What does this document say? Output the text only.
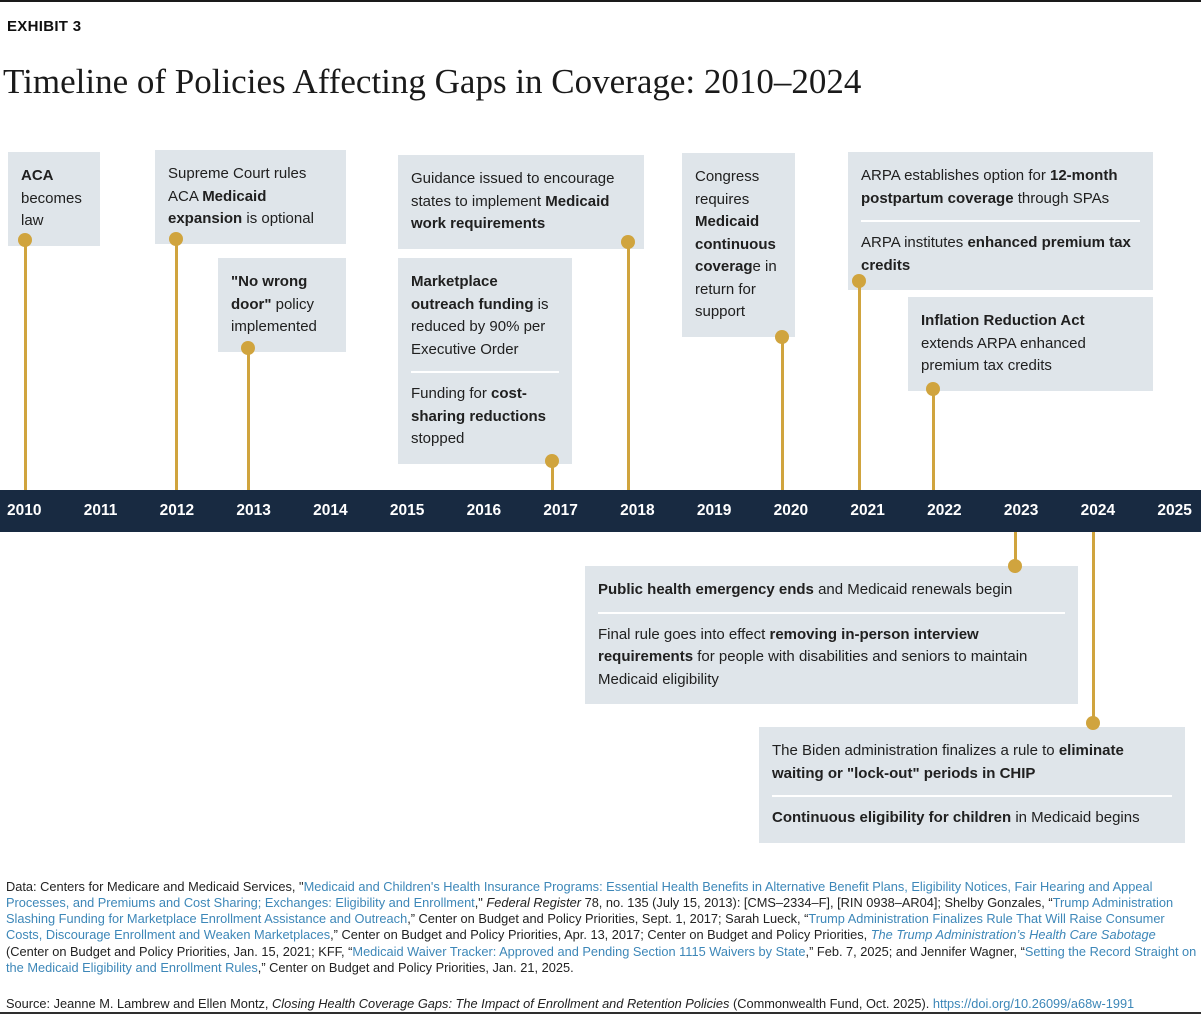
EXHIBIT 3
Timeline of Policies Affecting Gaps in Coverage: 2010–2024

ACA becomes law

Supreme Court rules ACA Medicaid expansion is optional

"No wrong door" policy implemented

Guidance issued to encourage states to implement Medicaid work requirements

Marketplace outreach funding is reduced by 90% per Executive Order

Funding for cost-sharing reductions stopped

Congress requires Medicaid continuous coverage in return for support

ARPA establishes option for 12-month postpartum coverage through SPAs

ARPA institutes enhanced premium tax credits

Inflation Reduction Act extends ARPA enhanced premium tax credits

2010	2011	2012	2013	2014	2015	2016	2017	2018	2019	2020	2021	2022	2023	2024	2025

Public health emergency ends and Medicaid renewals begin

Final rule goes into effect removing in-person interview requirements for people with disabilities and seniors to maintain Medicaid eligibility

The Biden administration finalizes a rule to eliminate waiting or "lock-out" periods in CHIP

Continuous eligibility for children in Medicaid begins

Data: Centers for Medicare and Medicaid Services, "Medicaid and Children's Health Insurance Programs: Essential Health Benefits in Alternative Benefit Plans, Eligibility Notices, Fair Hearing and Appeal Processes, and Premiums and Cost Sharing; Exchanges: Eligibility and Enrollment," Federal Register 78, no. 135 (July 15, 2013): [CMS–2334–F], [RIN 0938–AR04]; Shelby Gonzales, “Trump Administration Slashing Funding for Marketplace Enrollment Assistance and Outreach,” Center on Budget and Policy Priorities, Sept. 1, 2017; Sarah Lueck, “Trump Administration Finalizes Rule That Will Raise Consumer Costs, Discourage Enrollment and Weaken Marketplaces,” Center on Budget and Policy Priorities, Apr. 13, 2017; Center on Budget and Policy Priorities, The Trump Administration’s Health Care Sabotage (Center on Budget and Policy Priorities, Jan. 15, 2021; KFF, “Medicaid Waiver Tracker: Approved and Pending Section 1115 Waivers by State,” Feb. 7, 2025; and Jennifer Wagner, “Setting the Record Straight on the Medicaid Eligibility and Enrollment Rules,” Center on Budget and Policy Priorities, Jan. 21, 2025.

Source: Jeanne M. Lambrew and Ellen Montz, Closing Health Coverage Gaps: The Impact of Enrollment and Retention Policies (Commonwealth Fund, Oct. 2025). https://doi.org/10.26099/a68w-1991
